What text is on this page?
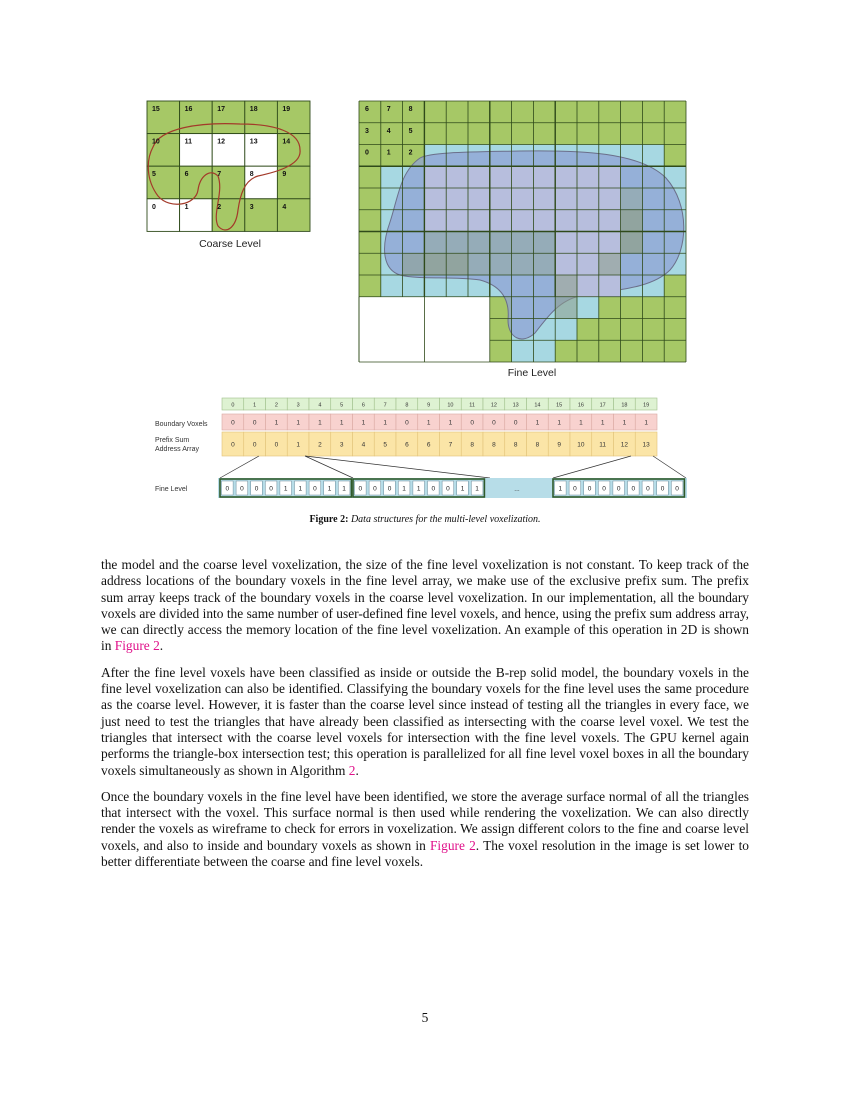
15	16	17	18	19
10	11	12	13	14
5	6	7	8	9
0	1	2	3	4
Coarse Level
6	7	8
3	4	5
0	1	2
Fine Level
0	1	2	3	4	5	6	7	8	9	10	11	12	13	14	15	16	17	18	19
Boundary Voxels	0	0	1	1	1	1	1	1	0	1	1	0	0	0	1	1	1	1	1	1
Prefix Sum
Address Array
0	0	0	1	2	3	4	5	6	6	7	8	8	8	8	9	10 11 12 13
Fine Level	0 0 0 0 1 1 0 1 1 0 0 0 1 1 0 0 1 1	1 0 0 0 0 0 0 0 0
...
Figure 2: Data structures for the multi-level voxelization.

the model and the coarse level voxelization, the size of the fine level voxelization is not constant. To keep track of the address locations of the boundary voxels in the fine level array, we make use of the exclusive prefix sum. The prefix sum array keeps track of the boundary voxels in the coarse level voxelization. In our implementation, all the boundary voxels are divided into the same number of user-defined fine level voxels, and hence, using the prefix sum address array, we can directly access the memory location of the fine level voxelization. An example of this operation in 2D is shown in Figure 2.

After the fine level voxels have been classified as inside or outside the B-rep solid model, the boundary voxels in the fine level voxelization can also be identified. Classifying the boundary voxels for the fine level uses the same procedure as the coarse level. However, it is faster than the coarse level since instead of testing all the triangles in every face, we just need to test the triangles that have already been classified as intersecting with the coarse level voxel. We test the triangles that intersect with the coarse level voxels for intersection with the fine level voxels. The GPU kernel again performs the triangle-box intersection test; this operation is parallelized for all fine level voxel boxes in all the boundary voxels simultaneously as shown in Algorithm 2.

Once the boundary voxels in the fine level have been identified, we store the average surface normal of all the triangles that intersect with the voxel. This surface normal is then used while rendering the voxelization. We can also directly render the voxels as wireframe to check for errors in voxelization. We assign different colors to the fine and coarse level voxels, and also to inside and boundary voxels as shown in Figure 2. The voxel resolution in the image is set lower to better differentiate between the coarse and fine level voxels.

5
